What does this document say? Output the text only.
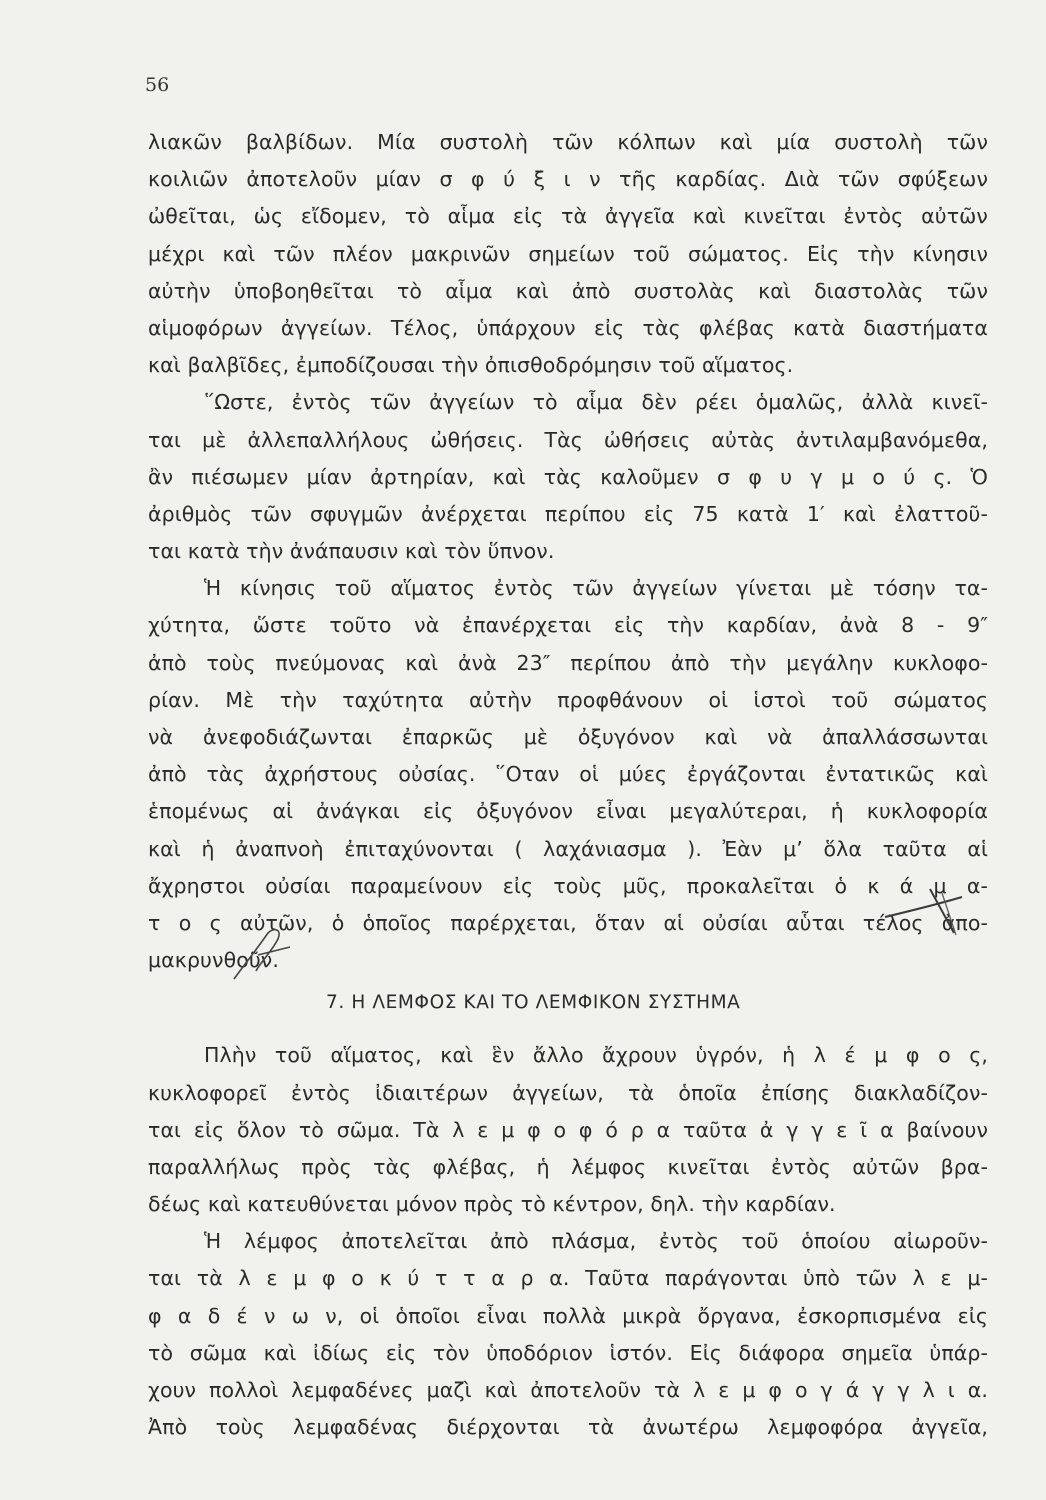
56
λιακῶν βαλβίδων. Μία συστολὴ τῶν κόλπων καὶ μία συστολὴ τῶν
κοιλιῶν ἀποτελοῦν μίαν σ φ ύ ξ ι ν τῆς καρδίας. Διὰ τῶν σφύξεων
ὠθεῖται, ὡς εἴδομεν, τὸ αἷμα εἰς τὰ ἀγγεῖα καὶ κινεῖται ἐντὸς αὐτῶν
μέχρι καὶ τῶν πλέον μακρινῶν σημείων τοῦ σώματος. Εἰς τὴν κίνησιν
αὐτὴν ὑποβοηθεῖται τὸ αἷμα καὶ ἀπὸ συστολὰς καὶ διαστολὰς τῶν
αἱμοφόρων ἀγγείων. Τέλος, ὑπάρχουν εἰς τὰς φλέβας κατὰ διαστήματα
καὶ βαλβῖδες, ἐμποδίζουσαι τὴν ὀπισθοδρόμησιν τοῦ αἵματος.
῞Ωστε, ἐντὸς τῶν ἀγγείων τὸ αἷμα δὲν ρέει ὁμαλῶς, ἀλλὰ κινεῖ-
ται μὲ ἀλλεπαλλήλους ὠθήσεις. Τὰς ὠθήσεις αὐτὰς ἀντιλαμβανόμεθα,
ἂν πιέσωμεν μίαν ἀρτηρίαν, καὶ τὰς καλοῦμεν σ φ υ γ μ ο ύ ς. Ὁ
ἀριθμὸς τῶν σφυγμῶν ἀνέρχεται περίπου εἰς 75 κατὰ 1′ καὶ ἐλαττοῦ-
ται κατὰ τὴν ἀνάπαυσιν καὶ τὸν ὕπνον.
Ἡ κίνησις τοῦ αἵματος ἐντὸς τῶν ἀγγείων γίνεται μὲ τόσην τα-
χύτητα, ὥστε τοῦτο νὰ ἐπανέρχεται εἰς τὴν καρδίαν, ἀνὰ 8 - 9″
ἀπὸ τοὺς πνεύμονας καὶ ἀνὰ 23″ περίπου ἀπὸ τὴν μεγάλην κυκλοφο-
ρίαν. Μὲ τὴν ταχύτητα αὐτὴν προφθάνουν οἱ ἱστοὶ τοῦ σώματος
νὰ ἀνεφοδιάζωνται ἐπαρκῶς μὲ ὀξυγόνον καὶ νὰ ἀπαλλάσσωνται
ἀπὸ τὰς ἀχρήστους οὐσίας. ῞Οταν οἱ μύες ἐργάζονται ἐντατικῶς καὶ
ἑπομένως αἱ ἀνάγκαι εἰς ὀξυγόνον εἶναι μεγαλύτεραι, ἡ κυκλοφορία
καὶ ἡ ἀναπνοὴ ἐπιταχύνονται ( λαχάνιασμα ). Ἐὰν μ’ ὅλα ταῦτα αἱ
ἄχρηστοι οὐσίαι παραμείνουν εἰς τοὺς μῦς, προκαλεῖται ὁ κ ά μ α-
τ ο ς αὐτῶν, ὁ ὁποῖος παρέρχεται, ὅταν αἱ οὐσίαι αὗται τέλος ἀπο-
μακρυνθοῦν.
7. Η ΛΕΜΦΟΣ ΚΑΙ ΤΟ ΛΕΜΦΙΚΟΝ ΣΥΣΤΗΜΑ
Πλὴν τοῦ αἵματος, καὶ ἓν ἄλλο ἄχρουν ὑγρόν, ἡ λ έ μ φ ο ς,
κυκλοφορεῖ ἐντὸς ἰδιαιτέρων ἀγγείων, τὰ ὁποῖα ἐπίσης διακλαδίζον-
ται εἰς ὅλον τὸ σῶμα. Τὰ λ ε μ φ ο φ ό ρ α ταῦτα ἀ γ γ ε ῖ α βαίνουν
παραλλήλως πρὸς τὰς φλέβας, ἡ λέμφος κινεῖται ἐντὸς αὐτῶν βρα-
δέως καὶ κατευθύνεται μόνον πρὸς τὸ κέντρον, δηλ. τὴν καρδίαν.
Ἡ λέμφος ἀποτελεῖται ἀπὸ πλάσμα, ἐντὸς τοῦ ὁποίου αἰωροῦν-
ται τὰ λ ε μ φ ο κ ύ τ τ α ρ α. Ταῦτα παράγονται ὑπὸ τῶν λ ε μ-
φ α δ έ ν ω ν, οἱ ὁποῖοι εἶναι πολλὰ μικρὰ ὄργανα, ἐσκορπισμένα εἰς
τὸ σῶμα καὶ ἰδίως εἰς τὸν ὑποδόριον ἱστόν. Εἰς διάφορα σημεῖα ὑπάρ-
χουν πολλοὶ λεμφαδένες μαζὶ καὶ ἀποτελοῦν τὰ λ ε μ φ ο γ ά γ γ λ ι α.
Ἀπὸ τοὺς λεμφαδένας διέρχονται τὰ ἀνωτέρω λεμφοφόρα ἀγγεῖα,
